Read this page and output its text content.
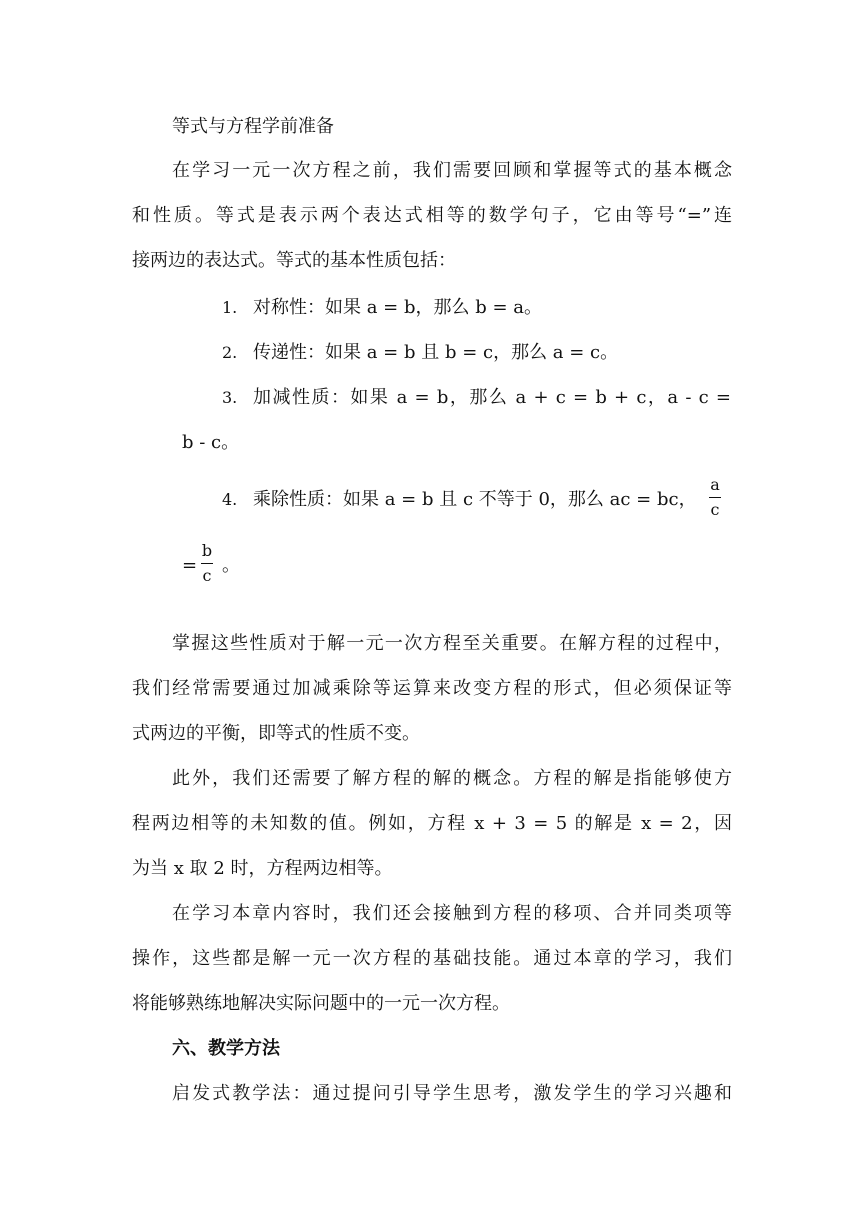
等式与方程学前准备
在学习一元一次方程之前，我们需要回顾和掌握等式的基本概念
和性质。等式是表示两个表达式相等的数学句子，它由等号“=”连
接两边的表达式。等式的基本性质包括：
1. 对称性：如果 a = b，那么 b = a。
2. 传递性：如果 a = b 且 b = c，那么 a = c。
3. 加减性质：如果 a = b，那么 a + c = b + c，a - c =
b - c。
4. 乘除性质：如果 a = b 且 c 不等于 0，那么 ac = bc，
a
c
=
b
c 。
掌握这些性质对于解一元一次方程至关重要。在解方程的过程中，
我们经常需要通过加减乘除等运算来改变方程的形式，但必须保证等
式两边的平衡，即等式的性质不变。
此外，我们还需要了解方程的解的概念。方程的解是指能够使方
程两边相等的未知数的值。例如，方程 x + 3 = 5 的解是 x = 2，因
为当 x 取 2 时，方程两边相等。
在学习本章内容时，我们还会接触到方程的移项、合并同类项等
操作，这些都是解一元一次方程的基础技能。通过本章的学习，我们
将能够熟练地解决实际问题中的一元一次方程。
六、教学方法
启发式教学法：通过提问引导学生思考，激发学生的学习兴趣和
